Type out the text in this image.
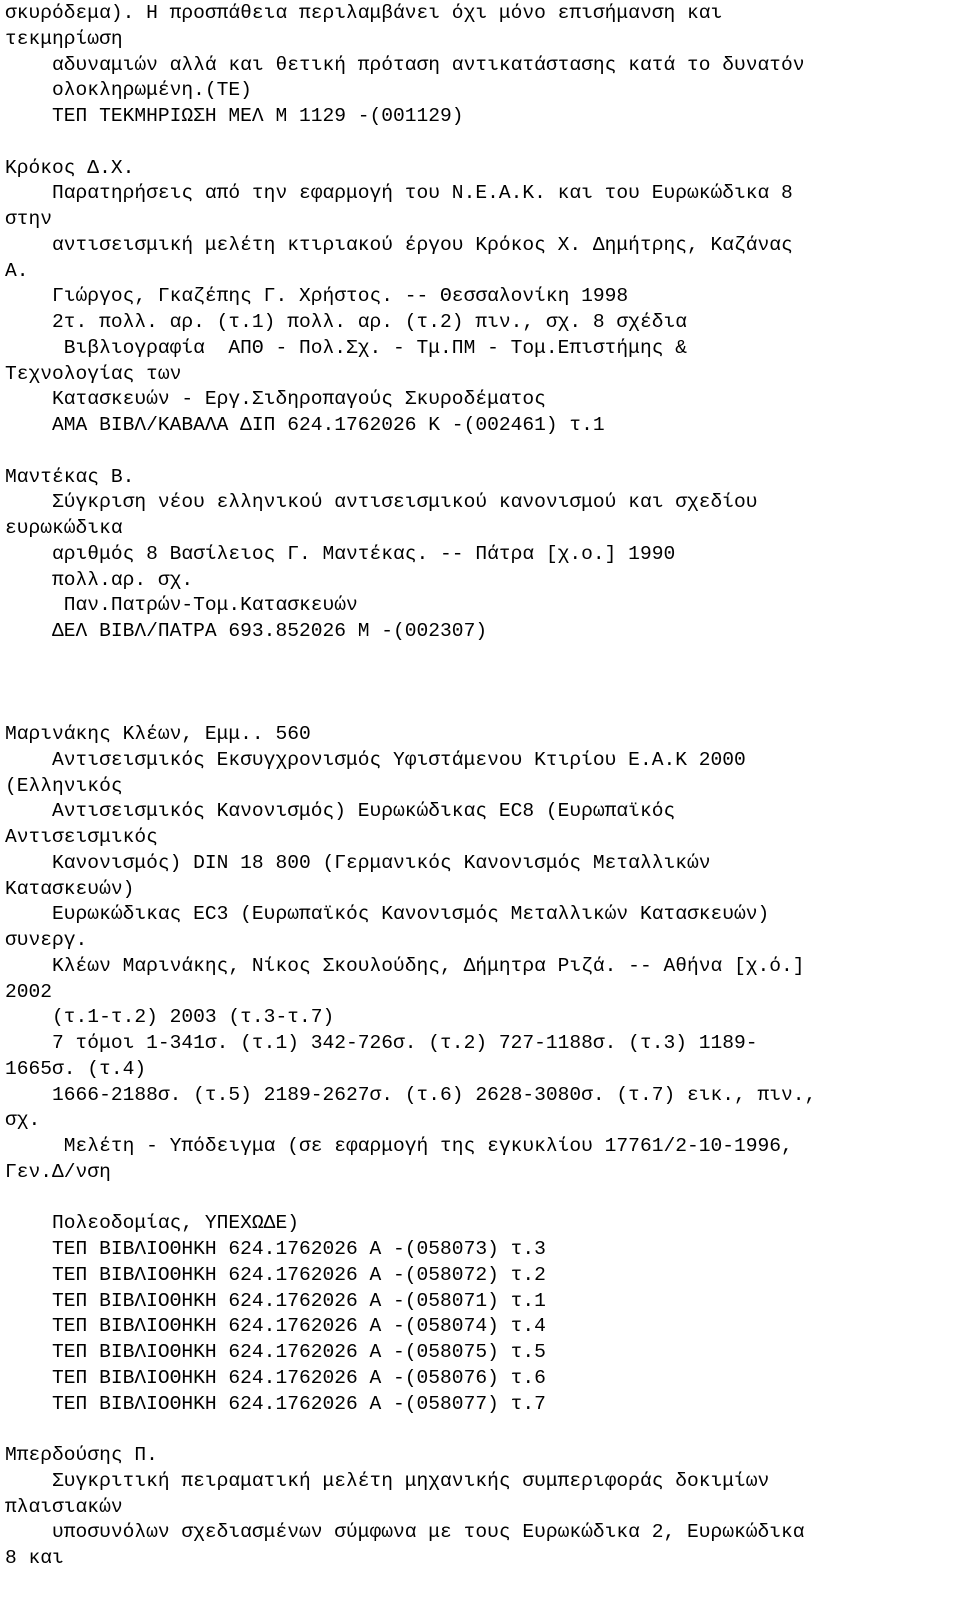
σκυρόδεμα). Η προσπάθεια περιλαμβάνει όχι μόνο επισήμανση και
τεκμηρίωση
αδυναμιών αλλά και θετική πρόταση αντικατάστασης κατά το δυνατόν
ολοκληρωμένη.(ΤΕ)
ΤΕΠ ΤΕΚΜΗΡΙΩΣΗ ΜΕΛ Μ 1129 -(001129)
Κρόκος Δ.Χ.
Παρατηρήσεις από την εφαρμογή του Ν.Ε.Α.Κ. και του Ευρωκώδικα 8
στην
αντισεισμική μελέτη κτιριακού έργου Κρόκος Χ. Δημήτρης, Καζάνας
Α.
Γιώργος, Γκαζέπης Γ. Χρήστος. -- Θεσσαλονίκη 1998
2τ. πολλ. αρ. (τ.1) πολλ. αρ. (τ.2) πιν., σχ. 8 σχέδια
Βιβλιογραφία  ΑΠΘ - Πολ.Σχ. - Τμ.ΠΜ - Τομ.Επιστήμης &
Τεχνολογίας των
Κατασκευών - Εργ.Σιδηροπαγούς Σκυροδέματος
ΑΜΑ ΒΙΒΛ/ΚΑΒΑΛΑ ΔΙΠ 624.1762026 Κ -(002461) τ.1
Μαντέκας Β.
Σύγκριση νέου ελληνικού αντισεισμικού κανονισμού και σχεδίου
ευρωκώδικα
αριθμός 8 Βασίλειος Γ. Μαντέκας. -- Πάτρα [χ.ο.] 1990
πολλ.αρ. σχ.
Παν.Πατρών-Τομ.Κατασκευών
ΔΕΛ ΒΙΒΛ/ΠΑΤΡΑ 693.852026 Μ -(002307)
Μαρινάκης Κλέων, Εμμ.. 560
Αντισεισμικός Εκσυγχρονισμός Υφιστάμενου Κτιρίου Ε.Α.Κ 2000
(Ελληνικός
Αντισεισμικός Κανονισμός) Ευρωκώδικας EC8 (Ευρωπαϊκός
Αντισεισμικός
Κανονισμός) DIN 18 800 (Γερμανικός Κανονισμός Μεταλλικών
Κατασκευών)
Ευρωκώδικας EC3 (Ευρωπαϊκός Κανονισμός Μεταλλικών Κατασκευών)
συνεργ.
Κλέων Μαρινάκης, Νίκος Σκουλούδης, Δήμητρα Ριζά. -- Αθήνα [χ.ό.]
2002
(τ.1-τ.2) 2003 (τ.3-τ.7)
7 τόμοι 1-341σ. (τ.1) 342-726σ. (τ.2) 727-1188σ. (τ.3) 1189-
1665σ. (τ.4)
1666-2188σ. (τ.5) 2189-2627σ. (τ.6) 2628-3080σ. (τ.7) εικ., πιν.,
σχ.
Μελέτη - Υπόδειγμα (σε εφαρμογή της εγκυκλίου 17761/2-10-1996,
Γεν.Δ/νση
Πολεοδομίας, ΥΠΕΧΩΔΕ)
ΤΕΠ ΒΙΒΛΙΟΘΗΚΗ 624.1762026 Α -(058073) τ.3
ΤΕΠ ΒΙΒΛΙΟΘΗΚΗ 624.1762026 Α -(058072) τ.2
ΤΕΠ ΒΙΒΛΙΟΘΗΚΗ 624.1762026 Α -(058071) τ.1
ΤΕΠ ΒΙΒΛΙΟΘΗΚΗ 624.1762026 Α -(058074) τ.4
ΤΕΠ ΒΙΒΛΙΟΘΗΚΗ 624.1762026 Α -(058075) τ.5
ΤΕΠ ΒΙΒΛΙΟΘΗΚΗ 624.1762026 Α -(058076) τ.6
ΤΕΠ ΒΙΒΛΙΟΘΗΚΗ 624.1762026 Α -(058077) τ.7
Μπερδούσης Π.
Συγκριτική πειραματική μελέτη μηχανικής συμπεριφοράς δοκιμίων
πλαισιακών
υποσυνόλων σχεδιασμένων σύμφωνα με τους Ευρωκώδικα 2, Ευρωκώδικα
8 και
